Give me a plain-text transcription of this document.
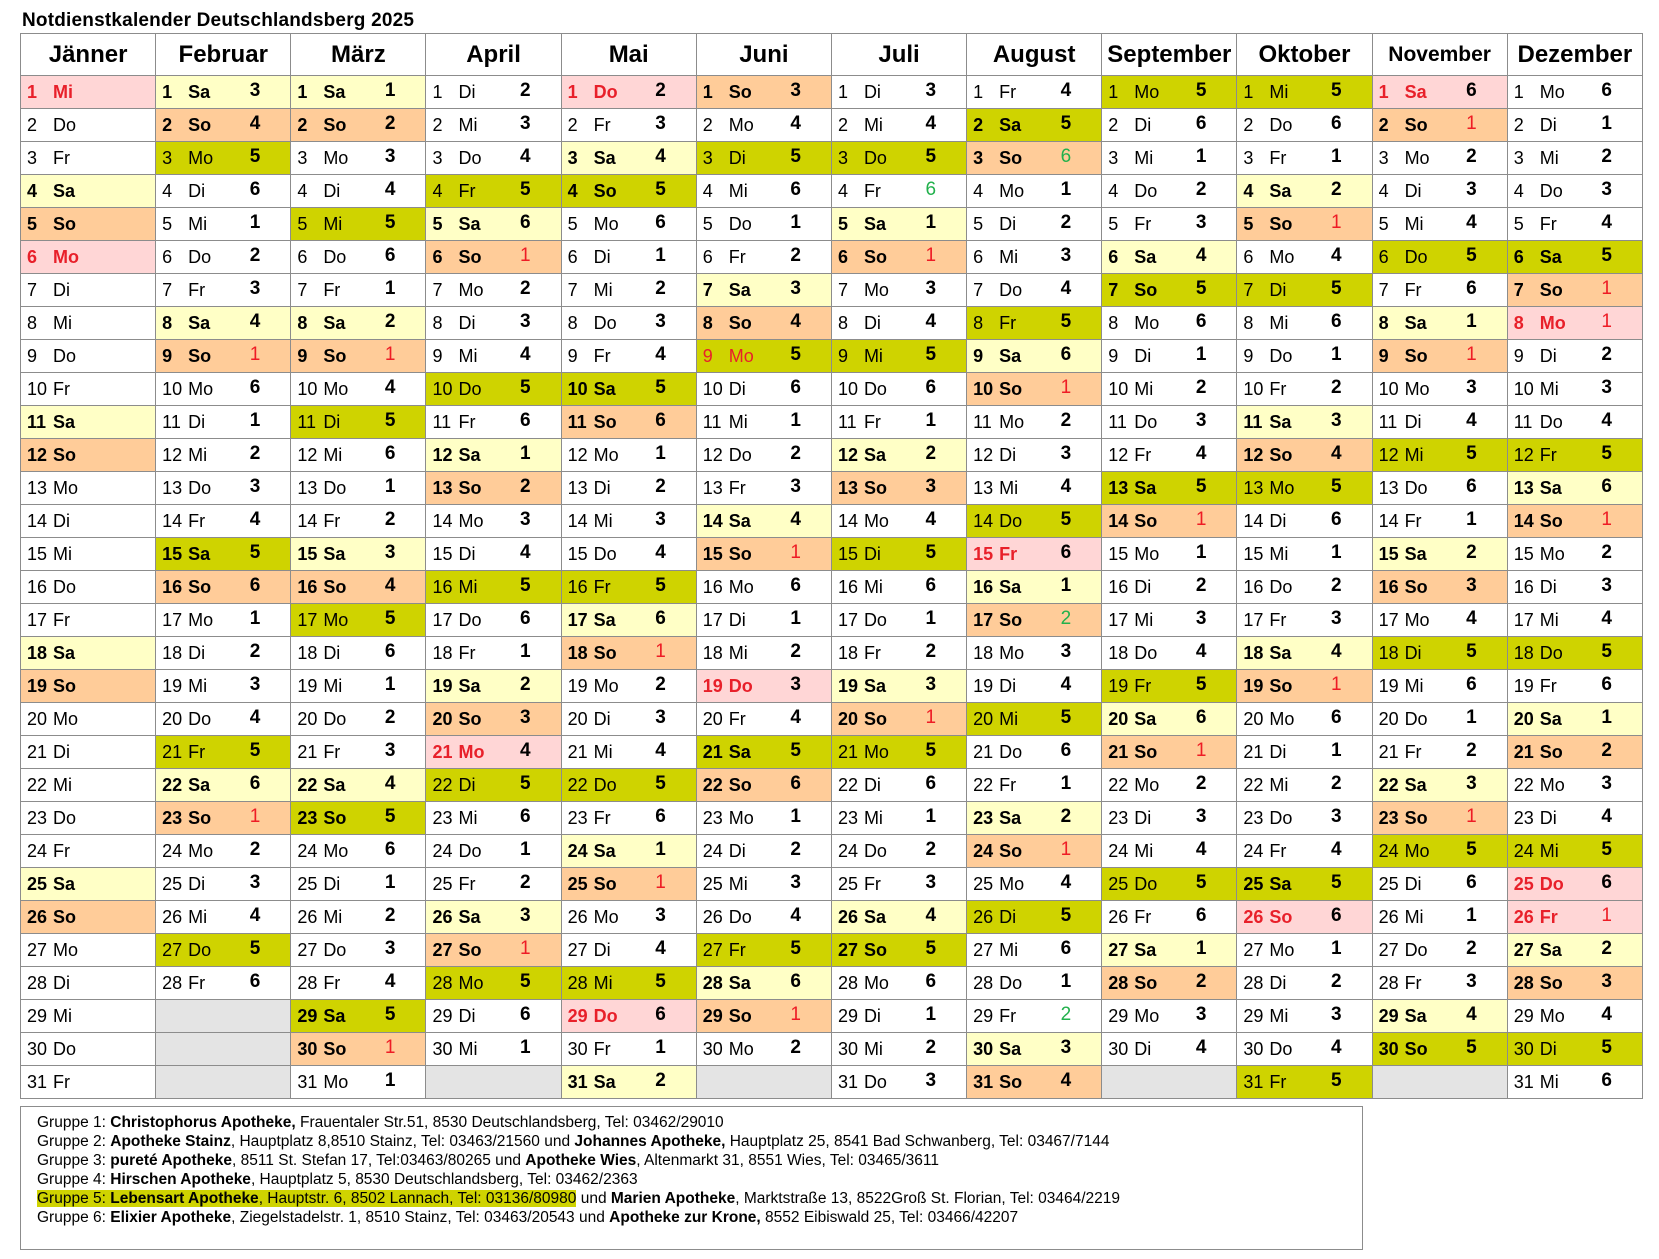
Notdienstkalender Deutschlandsberg 2025
Jänner	Februar	März	April	Mai	Juni	Juli	August	September	Oktober	November	Dezember

1 Mi	1 Sa 3	1 Sa 1	1 Di 2	1 Do 2	1 So 3	1 Di 3	1 Fr 4	1 Mo 5	1 Mi 5	1 Sa 6	1 Mo 6

2 Do	2 So 4	2 So 2	2 Mi 3	2 Fr 3	2 Mo 4	2 Mi 4	2 Sa 5	2 Di 6	2 Do 6	2 So 1	2 Di 1

3 Fr	3 Mo 5	3 Mo 3	3 Do 4	3 Sa 4	3 Di 5	3 Do 5	3 So 6	3 Mi 1	3 Fr 1	3 Mo 2	3 Mi 2

4 Sa	4 Di 6	4 Di 4	4 Fr 5	4 So 5	4 Mi 6	4 Fr 6	4 Mo 1	4 Do 2	4 Sa 2	4 Di 3	4 Do 3

5 So	5 Mi 1	5 Mi 5	5 Sa 6	5 Mo 6	5 Do 1	5 Sa 1	5 Di 2	5 Fr 3	5 So 1	5 Mi 4	5 Fr 4

6 Mo	6 Do 2	6 Do 6	6 So 1	6 Di 1	6 Fr 2	6 So 1	6 Mi 3	6 Sa 4	6 Mo 4	6 Do 5	6 Sa 5

7 Di	7 Fr 3	7 Fr 1	7 Mo 2	7 Mi 2	7 Sa 3	7 Mo 3	7 Do 4	7 So 5	7 Di 5	7 Fr 6	7 So 1

8 Mi	8 Sa 4	8 Sa 2	8 Di 3	8 Do 3	8 So 4	8 Di 4	8 Fr 5	8 Mo 6	8 Mi 6	8 Sa 1	8 Mo 1

9 Do	9 So 1	9 So 1	9 Mi 4	9 Fr 4	9 Mo 5	9 Mi 5	9 Sa 6	9 Di 1	9 Do 1	9 So 1	9 Di 2

10 Fr	10 Mo 6	10 Mo 4	10 Do 5	10 Sa 5	10 Di 6	10 Do 6	10 So 1	10 Mi 2	10 Fr 2	10 Mo 3	10 Mi 3

11 Sa	11 Di 1	11 Di 5	11 Fr 6	11 So 6	11 Mi 1	11 Fr 1	11 Mo 2	11 Do 3	11 Sa 3	11 Di 4	11 Do 4

12 So	12 Mi 2	12 Mi 6	12 Sa 1	12 Mo 1	12 Do 2	12 Sa 2	12 Di 3	12 Fr 4	12 So 4	12 Mi 5	12 Fr 5

13 Mo	13 Do 3	13 Do 1	13 So 2	13 Di 2	13 Fr 3	13 So 3	13 Mi 4	13 Sa 5	13 Mo 5	13 Do 6	13 Sa 6

14 Di	14 Fr 4	14 Fr 2	14 Mo 3	14 Mi 3	14 Sa 4	14 Mo 4	14 Do 5	14 So 1	14 Di 6	14 Fr 1	14 So 1

15 Mi	15 Sa 5	15 Sa 3	15 Di 4	15 Do 4	15 So 1	15 Di 5	15 Fr 6	15 Mo 1	15 Mi 1	15 Sa 2	15 Mo 2

16 Do	16 So 6	16 So 4	16 Mi 5	16 Fr 5	16 Mo 6	16 Mi 6	16 Sa 1	16 Di 2	16 Do 2	16 So 3	16 Di 3

17 Fr	17 Mo 1	17 Mo 5	17 Do 6	17 Sa 6	17 Di 1	17 Do 1	17 So 2	17 Mi 3	17 Fr 3	17 Mo 4	17 Mi 4

18 Sa	18 Di 2	18 Di 6	18 Fr 1	18 So 1	18 Mi 2	18 Fr 2	18 Mo 3	18 Do 4	18 Sa 4	18 Di 5	18 Do 5

19 So	19 Mi 3	19 Mi 1	19 Sa 2	19 Mo 2	19 Do 3	19 Sa 3	19 Di 4	19 Fr 5	19 So 1	19 Mi 6	19 Fr 6

20 Mo	20 Do 4	20 Do 2	20 So 3	20 Di 3	20 Fr 4	20 So 1	20 Mi 5	20 Sa 6	20 Mo 6	20 Do 1	20 Sa 1

21 Di	21 Fr 5	21 Fr 3	21 Mo 4	21 Mi 4	21 Sa 5	21 Mo 5	21 Do 6	21 So 1	21 Di 1	21 Fr 2	21 So 2

22 Mi	22 Sa 6	22 Sa 4	22 Di 5	22 Do 5	22 So 6	22 Di 6	22 Fr 1	22 Mo 2	22 Mi 2	22 Sa 3	22 Mo 3

23 Do	23 So 1	23 So 5	23 Mi 6	23 Fr 6	23 Mo 1	23 Mi 1	23 Sa 2	23 Di 3	23 Do 3	23 So 1	23 Di 4

24 Fr	24 Mo 2	24 Mo 6	24 Do 1	24 Sa 1	24 Di 2	24 Do 2	24 So 1	24 Mi 4	24 Fr 4	24 Mo 5	24 Mi 5

25 Sa	25 Di 3	25 Di 1	25 Fr 2	25 So 1	25 Mi 3	25 Fr 3	25 Mo 4	25 Do 5	25 Sa 5	25 Di 6	25 Do 6

26 So	26 Mi 4	26 Mi 2	26 Sa 3	26 Mo 3	26 Do 4	26 Sa 4	26 Di 5	26 Fr 6	26 So 6	26 Mi 1	26 Fr 1

27 Mo	27 Do 5	27 Do 3	27 So 1	27 Di 4	27 Fr 5	27 So 5	27 Mi 6	27 Sa 1	27 Mo 1	27 Do 2	27 Sa 2

28 Di	28 Fr 6	28 Fr 4	28 Mo 5	28 Mi 5	28 Sa 6	28 Mo 6	28 Do 1	28 So 2	28 Di 2	28 Fr 3	28 So 3

29 Mi		29 Sa 5	29 Di 6	29 Do 6	29 So 1	29 Di 1	29 Fr 2	29 Mo 3	29 Mi 3	29 Sa 4	29 Mo 4

30 Do		30 So 1	30 Mi 1	30 Fr 1	30 Mo 2	30 Mi 2	30 Sa 3	30 Di 4	30 Do 4	30 So 5	30 Di 5

31 Fr		31 Mo 1		31 Sa 2		31 Do 3	31 So 4		31 Fr 5		31 Mi 6
Gruppe 1: Christophorus Apotheke, Frauentaler Str.51, 8530 Deutschlandsberg, Tel: 03462/29010
Gruppe 2: Apotheke Stainz, Hauptplatz 8,8510 Stainz, Tel: 03463/21560 und Johannes Apotheke, Hauptplatz 25, 8541 Bad Schwanberg, Tel: 03467/7144
Gruppe 3: pureté Apotheke, 8511 St. Stefan 17, Tel:03463/80265 und Apotheke Wies, Altenmarkt 31, 8551 Wies, Tel: 03465/3611
Gruppe 4: Hirschen Apotheke, Hauptplatz 5, 8530 Deutschlandsberg, Tel: 03462/2363
Gruppe 5: Lebensart Apotheke, Hauptstr. 6, 8502 Lannach, Tel: 03136/80980 und Marien Apotheke, Marktstraße 13, 8522Groß St. Florian, Tel: 03464/2219
Gruppe 6: Elixier Apotheke, Ziegelstadelstr. 1, 8510 Stainz, Tel: 03463/20543 und Apotheke zur Krone, 8552 Eibiswald 25, Tel: 03466/42207
